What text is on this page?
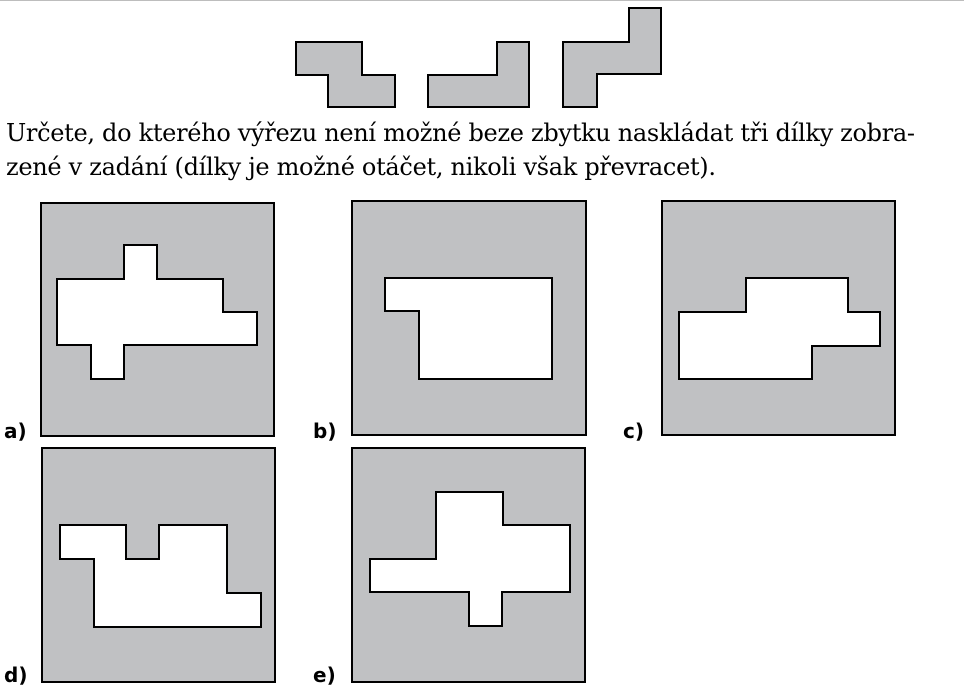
Určete, do kterého výřezu není možné beze zbytku naskládat tři dílky zobra-
zené v zadání (dílky je možné otáčet, nikoli však převracet).
a)	b)	c)
d)	e)
